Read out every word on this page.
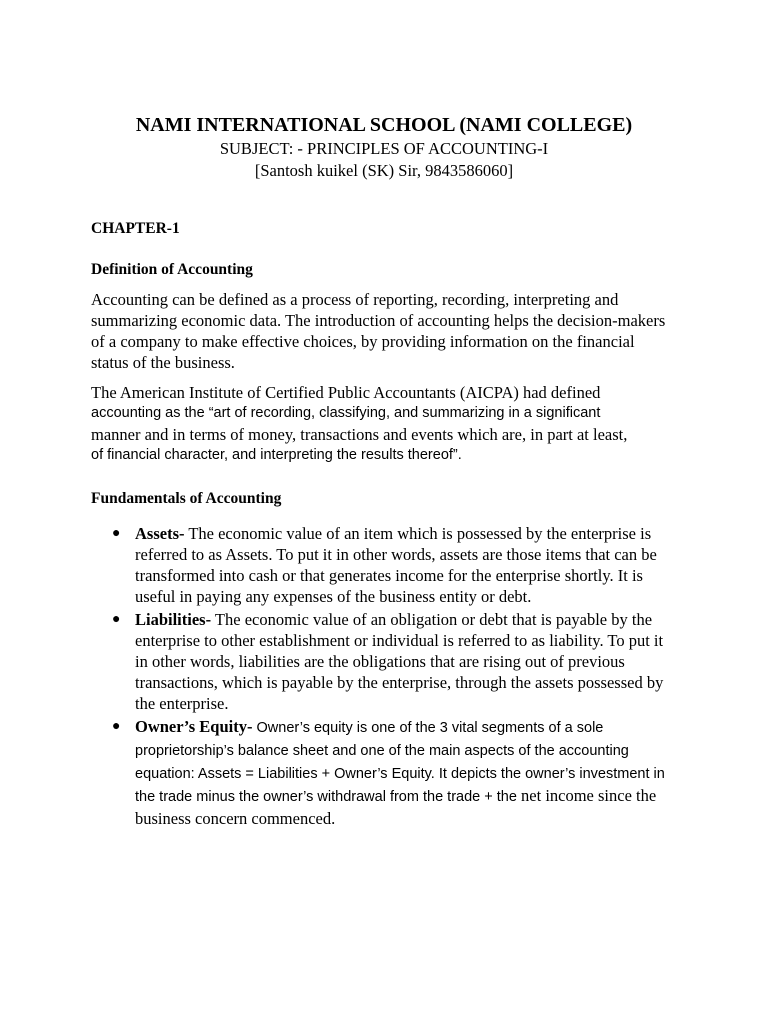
NAMI INTERNATIONAL SCHOOL (NAMI COLLEGE)
SUBJECT: - PRINCIPLES OF ACCOUNTING-I
[Santosh kuikel (SK) Sir, 9843586060]
CHAPTER-1
Definition of Accounting
Accounting can be defined as a process of reporting, recording, interpreting and summarizing economic data. The introduction of accounting helps the decision-makers of a company to make effective choices, by providing information on the financial status of the business.
The American Institute of Certified Public Accountants (AICPA) had defined
accounting as the “art of recording, classifying, and summarizing in a significant
manner and in terms of money, transactions and events which are, in part at least,
of financial character, and interpreting the results thereof”.
Fundamentals of Accounting
● Assets- The economic value of an item which is possessed by the enterprise is referred to as Assets. To put it in other words, assets are those items that can be transformed into cash or that generates income for the enterprise shortly. It is useful in paying any expenses of the business entity or debt.
● Liabilities- The economic value of an obligation or debt that is payable by the enterprise to other establishment or individual is referred to as liability. To put it in other words, liabilities are the obligations that are rising out of previous transactions, which is payable by the enterprise, through the assets possessed by the enterprise.
● Owner’s Equity- Owner’s equity is one of the 3 vital segments of a sole proprietorship’s balance sheet and one of the main aspects of the accounting equation: Assets = Liabilities + Owner’s Equity. It depicts the owner’s investment in the trade minus the owner’s withdrawal from the trade + the net income since the business concern commenced.
